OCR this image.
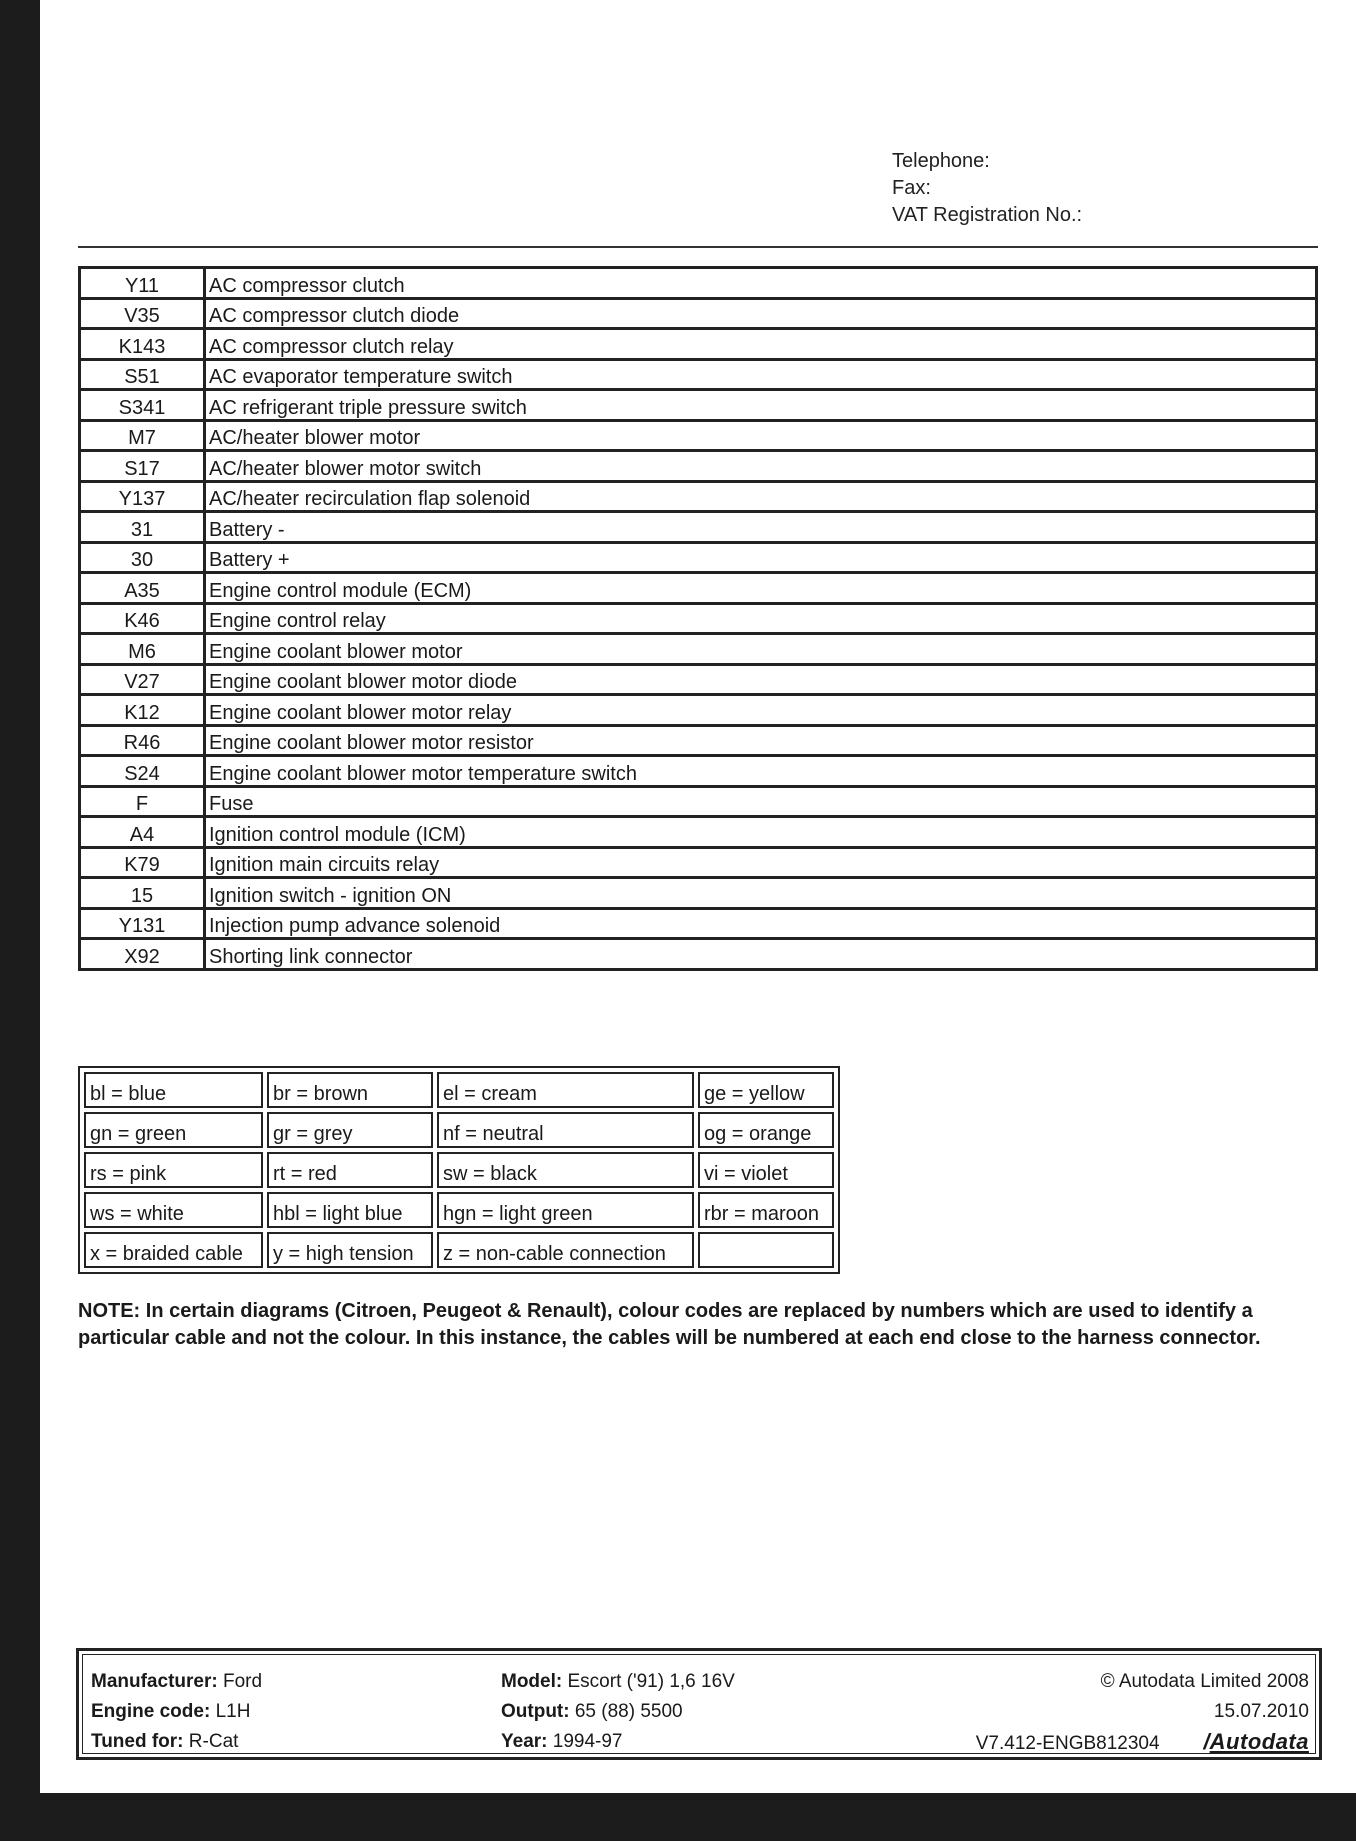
Telephone:
Fax:
VAT Registration No.:
Y11	AC compressor clutch
V35	AC compressor clutch diode
K143	AC compressor clutch relay
S51	AC evaporator temperature switch
S341	AC refrigerant triple pressure switch
M7	AC/heater blower motor
S17	AC/heater blower motor switch
Y137	AC/heater recirculation flap solenoid
31	Battery -
30	Battery +
A35	Engine control module (ECM)
K46	Engine control relay
M6	Engine coolant blower motor
V27	Engine coolant blower motor diode
K12	Engine coolant blower motor relay
R46	Engine coolant blower motor resistor
S24	Engine coolant blower motor temperature switch
F	Fuse
A4	Ignition control module (ICM)
K79	Ignition main circuits relay
15	Ignition switch - ignition ON
Y131	Injection pump advance solenoid
X92	Shorting link connector
bl = blue	br = brown	el = cream	ge = yellow
gn = green	gr = grey	nf = neutral	og = orange
rs = pink	rt = red	sw = black	vi = violet
ws = white	hbl = light blue	hgn = light green	rbr = maroon
x = braided cable	y = high tension	z = non-cable connection	
NOTE: In certain diagrams (Citroen, Peugeot & Renault), colour codes are replaced by numbers which are used to identify a particular cable and not the colour. In this instance, the cables will be numbered at each end close to the harness connector.
Manufacturer: Ford
Engine code: L1H
Tuned for: R-Cat
Model: Escort ('91) 1,6 16V
Output: 65 (88) 5500
Year: 1994-97
© Autodata Limited 2008
15.07.2010
V7.412-ENGB812304 /Autodata
